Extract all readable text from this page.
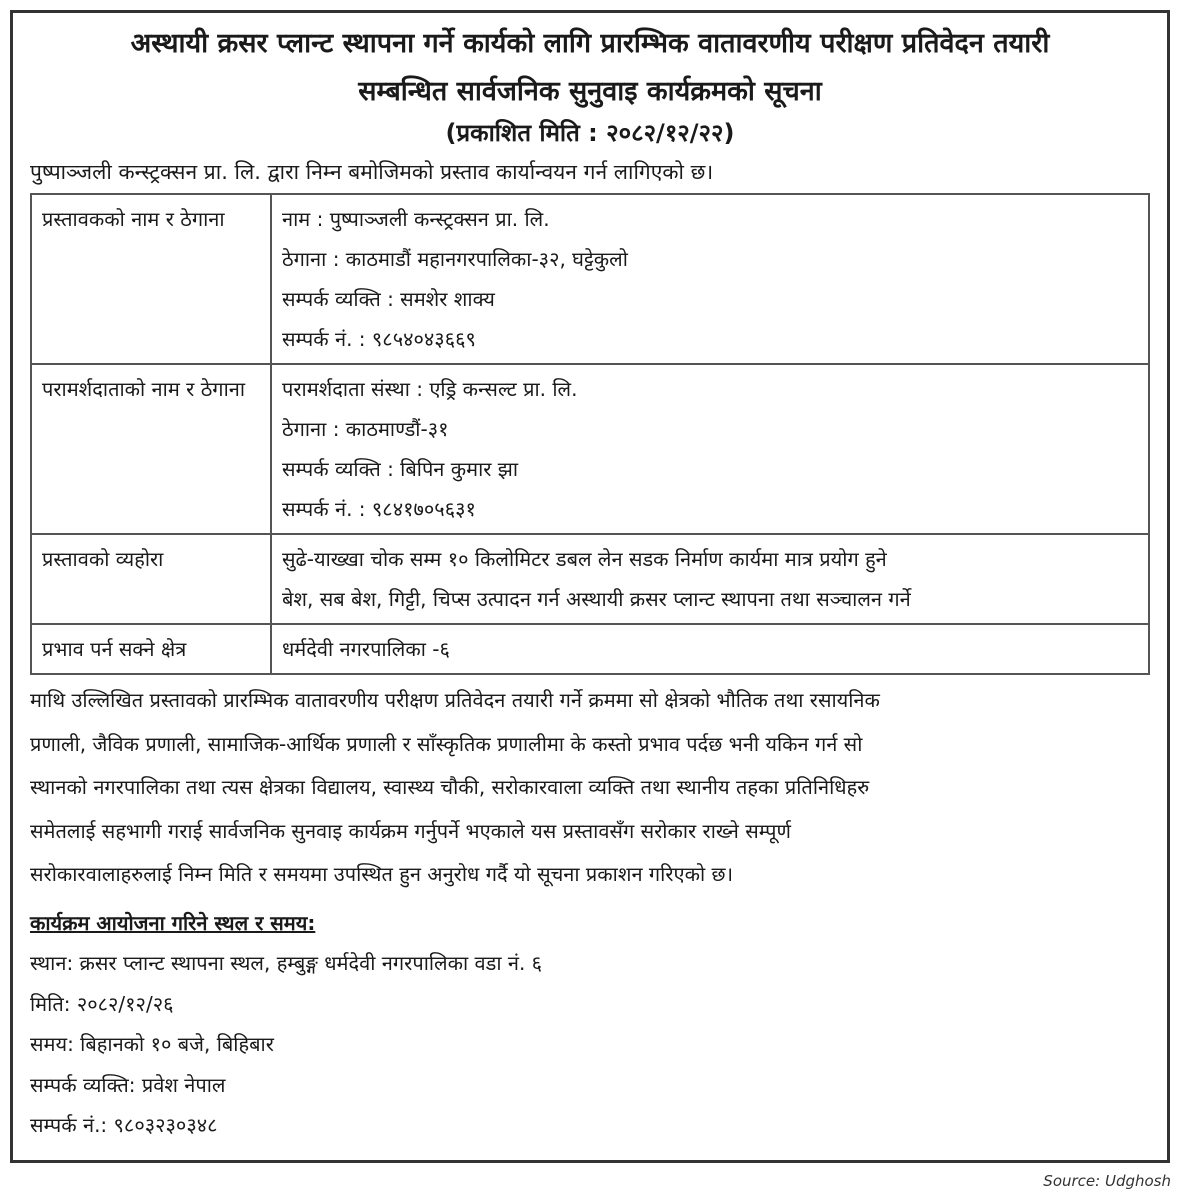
अस्थायी क्रसर प्लान्ट स्थापना गर्ने कार्यको लागि प्रारम्भिक वातावरणीय परीक्षण प्रतिवेदन तयारी
सम्बन्धित सार्वजनिक सुनुवाइ कार्यक्रमको सूचना
(प्रकाशित मिति : २०८२/१२/२२)
पुष्पाञ्जली कन्स्ट्रक्सन प्रा. लि. द्वारा निम्न बमोजिमको प्रस्ताव कार्यान्वयन गर्न लागिएको छ।
प्रस्तावकको नाम र ठेगाना	नाम : पुष्पाञ्जली कन्स्ट्रक्सन प्रा. लि.
ठेगाना : काठमाडौं महानगरपालिका-३२, घट्टेकुलो
सम्पर्क व्यक्ति : समशेर शाक्य
सम्पर्क नं. : ९८५४०४३६६९

परामर्शदाताको नाम र ठेगाना	परामर्शदाता संस्था : एड्रि कन्सल्ट प्रा. लि.
ठेगाना : काठमाण्डौं-३१
सम्पर्क व्यक्ति : बिपिन कुमार झा
सम्पर्क नं. : ९८४१७०५६३१

प्रस्तावको व्यहोरा	सुढे-याख्खा चोक सम्म १० किलोमिटर डबल लेन सडक निर्माण कार्यमा मात्र प्रयोग हुने
बेश, सब बेश, गिट्टी, चिप्स उत्पादन गर्न अस्थायी क्रसर प्लान्ट स्थापना तथा सञ्चालन गर्ने

प्रभाव पर्न सक्ने क्षेत्र	धर्मदेवी नगरपालिका -६
माथि उल्लिखित प्रस्तावको प्रारम्भिक वातावरणीय परीक्षण प्रतिवेदन तयारी गर्ने क्रममा सो क्षेत्रको भौतिक तथा रसायनिक
प्रणाली, जैविक प्रणाली, सामाजिक-आर्थिक प्रणाली र साँस्कृतिक प्रणालीमा के कस्तो प्रभाव पर्दछ भनी यकिन गर्न सो
स्थानको नगरपालिका तथा त्यस क्षेत्रका विद्यालय, स्वास्थ्य चौकी, सरोकारवाला व्यक्ति तथा स्थानीय तहका प्रतिनिधिहरु
समेतलाई सहभागी गराई सार्वजनिक सुनवाइ कार्यक्रम गर्नुपर्ने भएकाले यस प्रस्तावसँग सरोकार राख्ने सम्पूर्ण
सरोकारवालाहरुलाई निम्न मिति र समयमा उपस्थित हुन अनुरोध गर्दै यो सूचना प्रकाशन गरिएको छ।
कार्यक्रम आयोजना गरिने स्थल र समय:
स्थान: क्रसर प्लान्ट स्थापना स्थल, हम्बुङ्ग धर्मदेवी नगरपालिका वडा नं. ६
मिति: २०८२/१२/२६
समय: बिहानको १० बजे, बिहिबार
सम्पर्क व्यक्ति: प्रवेश नेपाल
सम्पर्क नं.: ९८०३२३०३४८
Source: Udghosh
